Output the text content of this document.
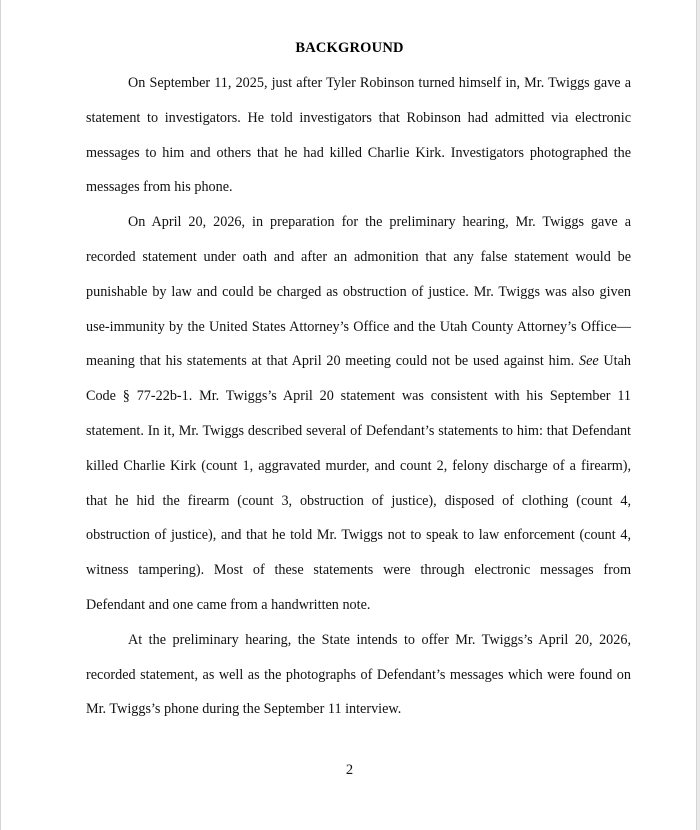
BACKGROUND

On September 11, 2025, just after Tyler Robinson turned himself in, Mr. Twiggs gave a statement to investigators. He told investigators that Robinson had admitted via electronic messages to him and others that he had killed Charlie Kirk. Investigators photographed the messages from his phone.

On April 20, 2026, in preparation for the preliminary hearing, Mr. Twiggs gave a recorded statement under oath and after an admonition that any false statement would be punishable by law and could be charged as obstruction of justice. Mr. Twiggs was also given use-immunity by the United States Attorney’s Office and the Utah County Attorney’s Office—meaning that his statements at that April 20 meeting could not be used against him. See Utah Code § 77-22b-1. Mr. Twiggs’s April 20 statement was consistent with his September 11 statement. In it, Mr. Twiggs described several of Defendant’s statements to him: that Defendant killed Charlie Kirk (count 1, aggravated murder, and count 2, felony discharge of a firearm), that he hid the firearm (count 3, obstruction of justice), disposed of clothing (count 4, obstruction of justice), and that he told Mr. Twiggs not to speak to law enforcement (count 4, witness tampering). Most of these statements were through electronic messages from Defendant and one came from a handwritten note.

At the preliminary hearing, the State intends to offer Mr. Twiggs’s April 20, 2026, recorded statement, as well as the photographs of Defendant’s messages which were found on Mr. Twiggs’s phone during the September 11 interview.

2
